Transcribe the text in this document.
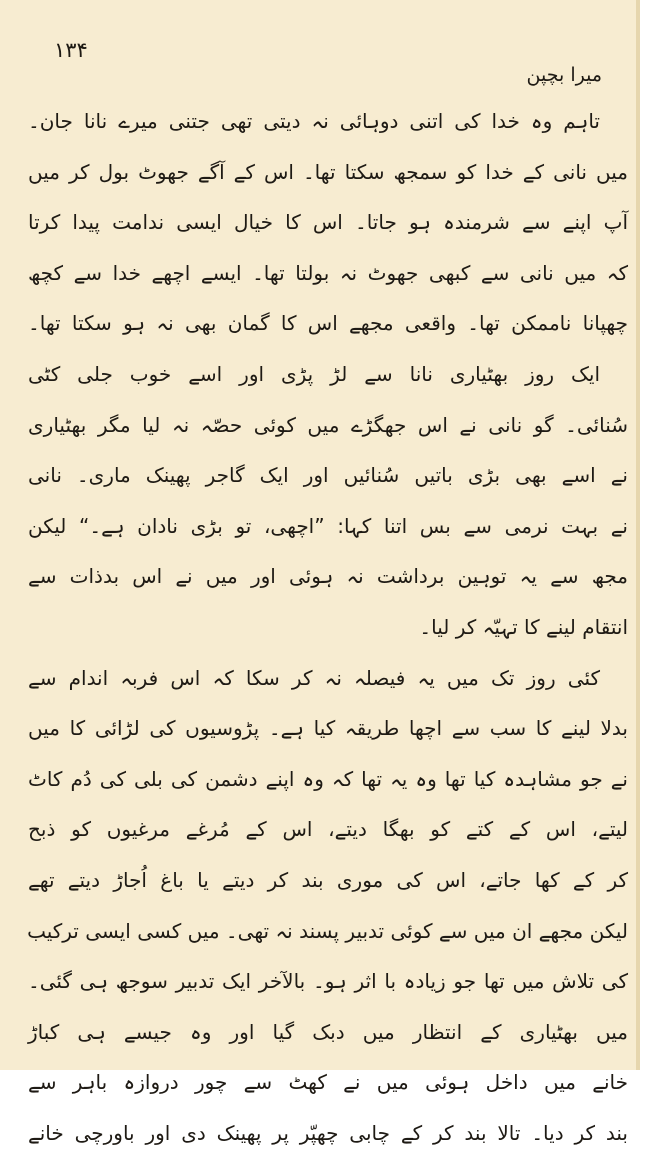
۱۳۴
میرا بچپن
تاہم وہ خدا کی اتنی دوہائی نہ دیتی تھی جتنی میرے نانا جان۔
میں نانی کے خدا کو سمجھ سکتا تھا۔ اس کے آگے جھوٹ بول کر میں
آپ اپنے سے شرمندہ ہو جاتا۔ اس کا خیال ایسی ندامت پیدا کرتا
کہ میں نانی سے کبھی جھوٹ نہ بولتا تھا۔ ایسے اچھے خدا سے کچھ
چھپانا ناممکن تھا۔ واقعی مجھے اس کا گمان بھی نہ ہو سکتا تھا۔
ایک روز بھٹیاری نانا سے لڑ پڑی اور اسے خوب جلی کٹی
سُنائی۔ گو نانی نے اس جھگڑے میں کوئی حصّہ نہ لیا مگر بھٹیاری
نے اسے بھی بڑی باتیں سُنائیں اور ایک گاجر پھینک ماری۔ نانی
نے بہت نرمی سے بس اتنا کہا: ”اچھی، تو بڑی نادان ہے۔“ لیکن
مجھ سے یہ توہین برداشت نہ ہوئی اور میں نے اس بدذات سے
انتقام لینے کا تہیّہ کر لیا۔
کئی روز تک میں یہ فیصلہ نہ کر سکا کہ اس فربہ اندام سے
بدلا لینے کا سب سے اچھا طریقہ کیا ہے۔ پڑوسیوں کی لڑائی کا میں
نے جو مشاہدہ کیا تھا وہ یہ تھا کہ وہ اپنے دشمن کی بلی کی دُم کاٹ
لیتے، اس کے کتے کو بھگا دیتے، اس کے مُرغے مرغیوں کو ذبح
کر کے کھا جاتے، اس کی موری بند کر دیتے یا باغ اُجاڑ دیتے تھے
لیکن مجھے ان میں سے کوئی تدبیر پسند نہ تھی۔ میں کسی ایسی ترکیب
کی تلاش میں تھا جو زیادہ با اثر ہو۔ بالآخر ایک تدبیر سوجھ ہی گئی۔
میں بھٹیاری کے انتظار میں دبک گیا اور وہ جیسے ہی کباڑ
خانے میں داخل ہوئی میں نے کھٹ سے چور دروازہ باہر سے
بند کر دیا۔ تالا بند کر کے چابی چھپّر پر پھینک دی اور باورچی خانے
